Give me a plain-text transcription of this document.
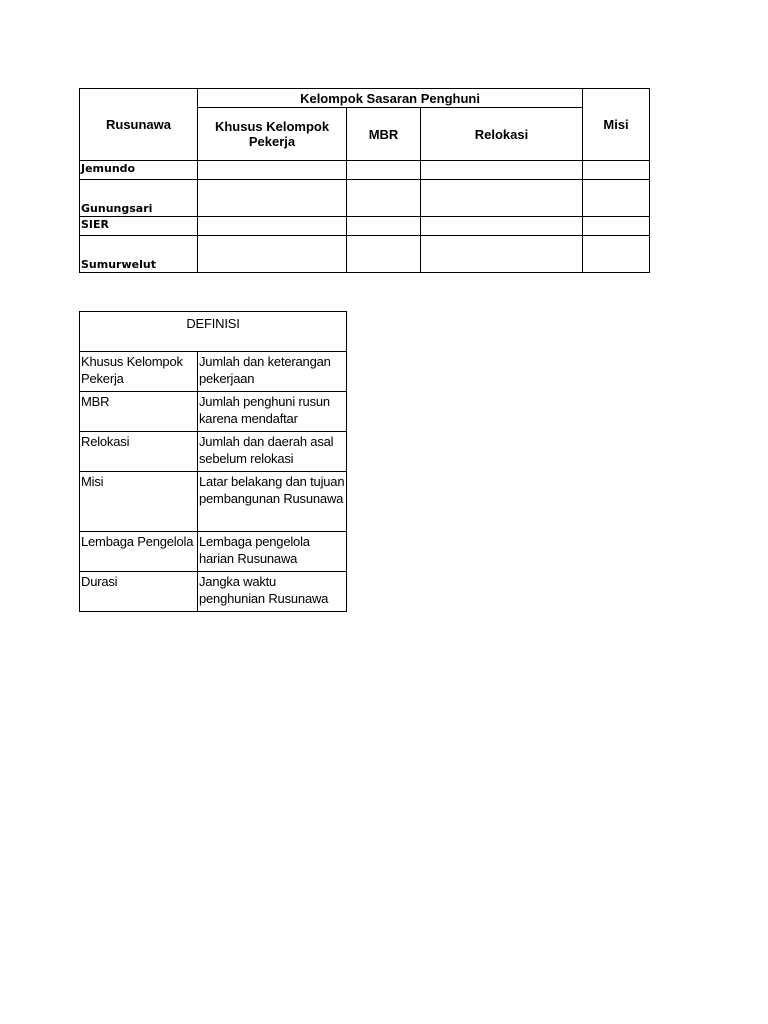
Rusunawa	Kelompok Sasaran Penghuni			Misi
	Khusus Kelompok Pekerja	MBR	Relokasi	
Jemundo				
Gunungsari				
SIER				
Sumurwelut				
DEFINISI	
Khusus Kelompok Pekerja	Jumlah dan keterangan pekerjaan
MBR	Jumlah penghuni rusun karena mendaftar
Relokasi	Jumlah dan daerah asal sebelum relokasi
Misi	Latar belakang dan tujuan pembangunan Rusunawa
Lembaga Pengelola	Lembaga pengelola harian Rusunawa
Durasi	Jangka waktu penghunian Rusunawa
